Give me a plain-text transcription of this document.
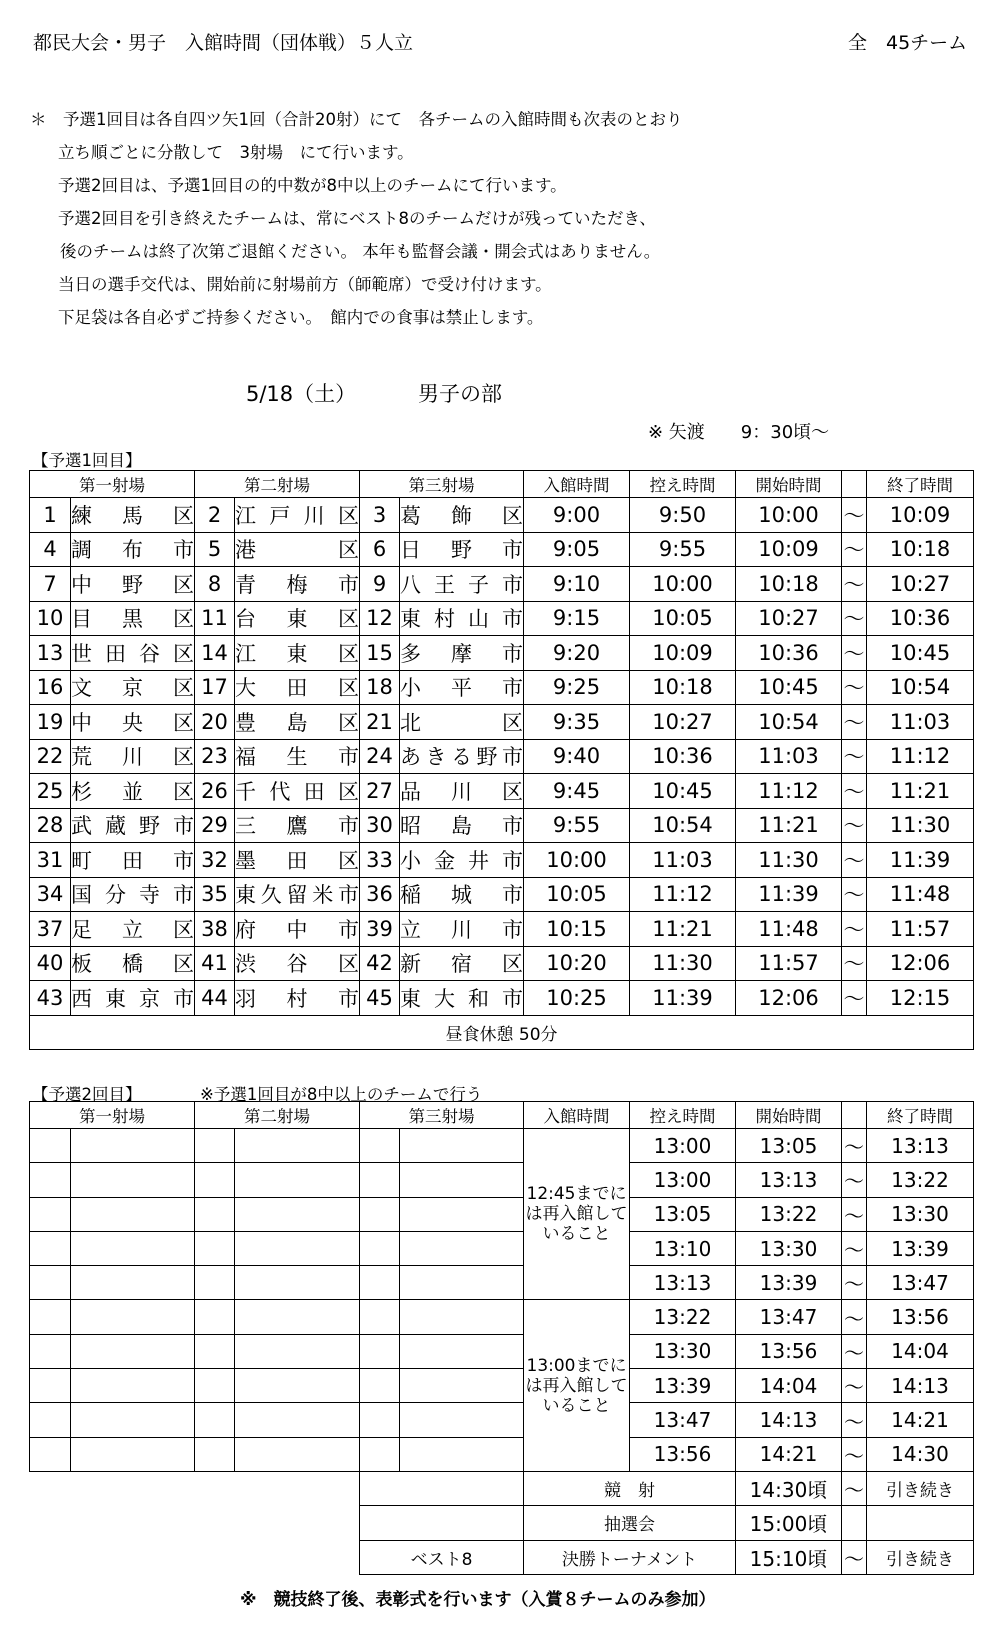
都民大会・男子　入館時間（団体戦）５人立	全　45チーム
＊　予選1回目は各自四ツ矢1回（合計20射）にて　各チームの入館時間も次表のとおり
立ち順ごとに分散して　3射場　にて行います。
予選2回目は、予選1回目の的中数が8中以上のチームにて行います。
予選2回目を引き終えたチームは、常にベスト8のチームだけが残っていただき、
後のチームは終了次第ご退館ください。 本年も監督会議・開会式はありません。
当日の選手交代は、開始前に射場前方（師範席）で受け付けます。
下足袋は各自必ずご持参ください。　館内での食事は禁止します。
5/18（土）	男子の部
※ 矢渡　　9：30頃～
【予選1回目】
第一射場		第二射場		第三射場		入館時間	控え時間	開始時間		終了時間
1	練馬区	2	江戸川区	3	葛飾区	9:00	9:50	10:00	～	10:09
4	調布市	5	港区	6	日野市	9:05	9:55	10:09	～	10:18
7	中野区	8	青梅市	9	八王子市	9:10	10:00	10:18	～	10:27
10	目黒区	11	台東区	12	東村山市	9:15	10:05	10:27	～	10:36
13	世田谷区	14	江東区	15	多摩市	9:20	10:09	10:36	～	10:45
16	文京区	17	大田区	18	小平市	9:25	10:18	10:45	～	10:54
19	中央区	20	豊島区	21	北区	9:35	10:27	10:54	～	11:03
22	荒川区	23	福生市	24	あきる野市	9:40	10:36	11:03	～	11:12
25	杉並区	26	千代田区	27	品川区	9:45	10:45	11:12	～	11:21
28	武蔵野市	29	三鷹市	30	昭島市	9:55	10:54	11:21	～	11:30
31	町田市	32	墨田区	33	小金井市	10:00	11:03	11:30	～	11:39
34	国分寺市	35	東久留米市	36	稲城市	10:05	11:12	11:39	～	11:48
37	足立区	38	府中市	39	立川市	10:15	11:21	11:48	～	11:57
40	板橋区	41	渋谷区	42	新宿区	10:20	11:30	11:57	～	12:06
43	西東京市	44	羽村市	45	東大和市	10:25	11:39	12:06	～	12:15
昼食休憩 50分										
【予選2回目】	※予選1回目が8中以上のチームで行う
第一射場		第二射場		第三射場		入館時間	控え時間	開始時間		終了時間
						12:45までには再入館していること	13:00	13:05	～	13:13
							13:00	13:13	～	13:22
							13:05	13:22	～	13:30
							13:10	13:30	～	13:39
							13:13	13:39	～	13:47
						13:00までには再入館していること	13:22	13:47	～	13:56
							13:30	13:56	～	14:04
							13:39	14:04	～	14:13
							13:47	14:13	～	14:21
							13:56	14:21	～	14:30
						競　射		14:30頃	～	引き続き
						抽選会		15:00頃		
				ベスト8		決勝トーナメント		15:10頃	～	引き続き
※　競技終了後、表彰式を行います（入賞８チームのみ参加）
